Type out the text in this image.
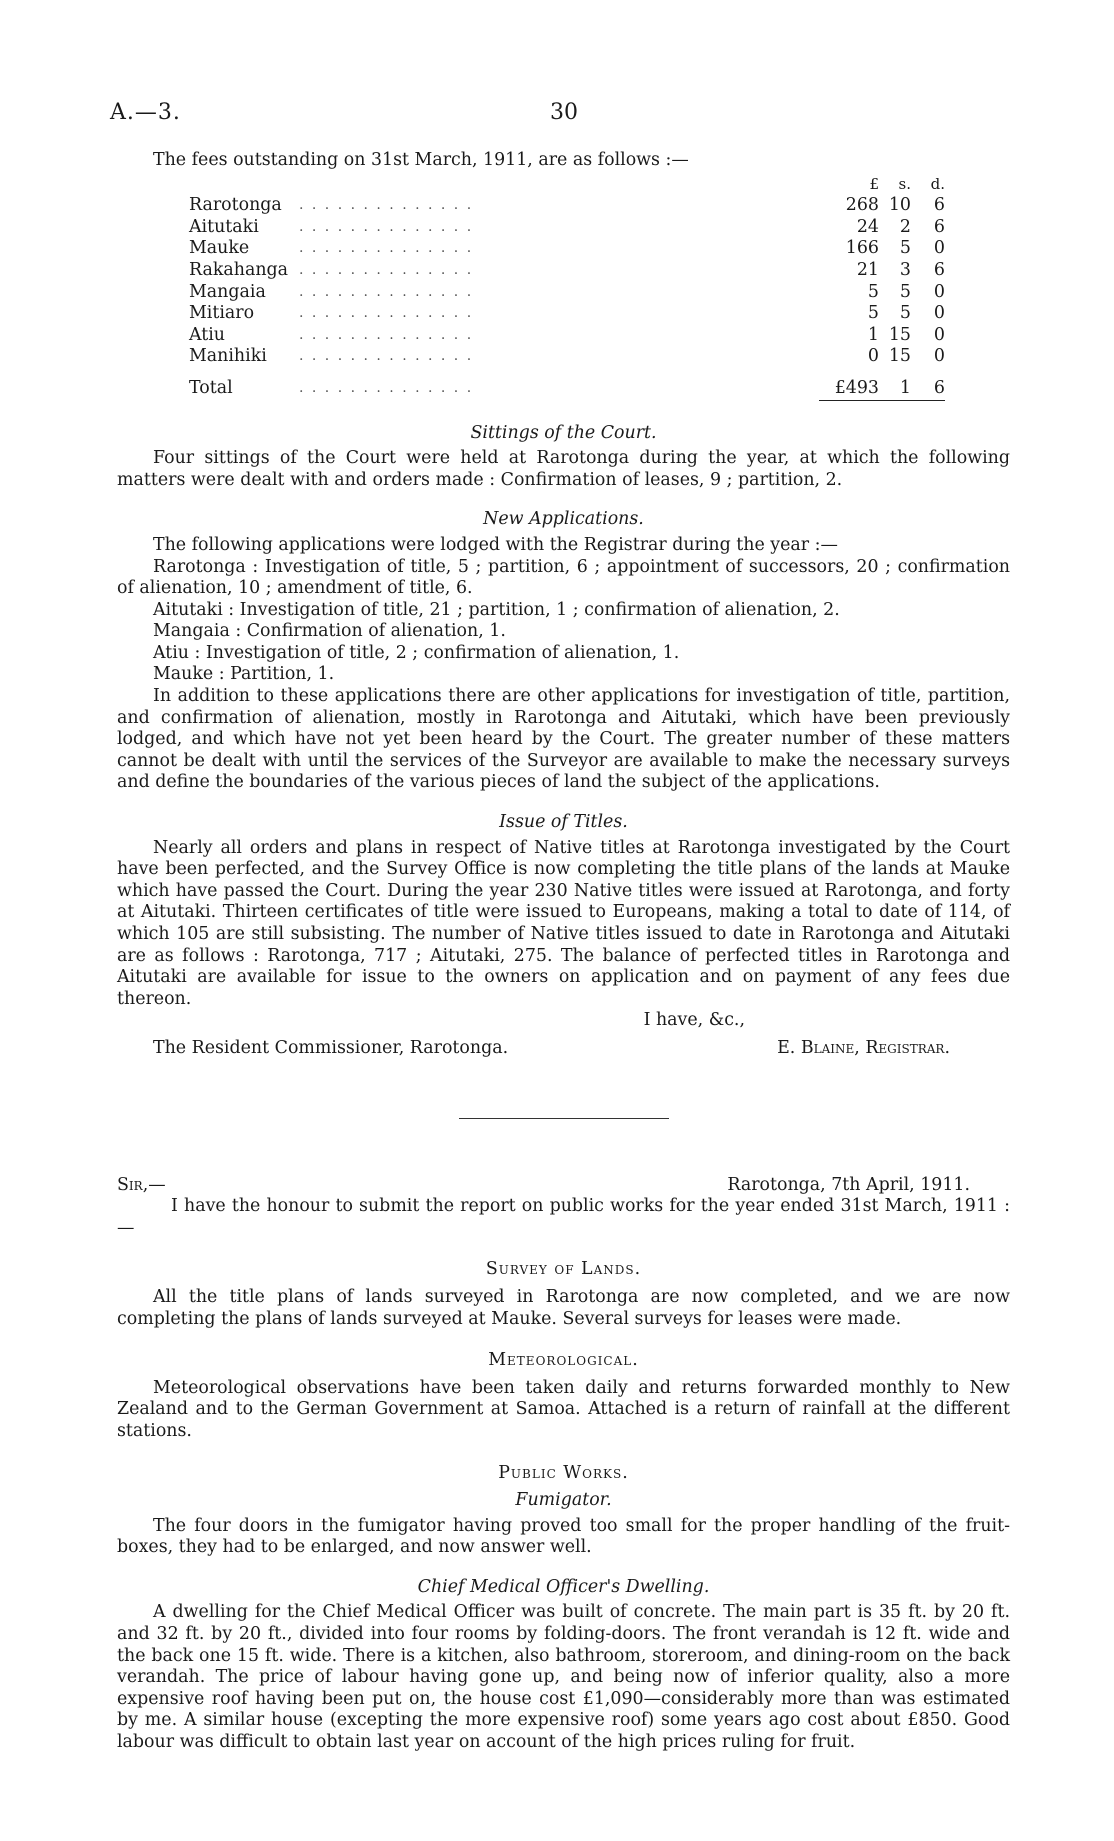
A.—3.	30

The fees outstanding on 31st March, 1911, are as follows :—

		£	s.	d.
Rarotonga	. . . . . . . . . . . . . .	268	10	6
Aitutaki	. . . . . . . . . . . . . .	24	2	6
Mauke	. . . . . . . . . . . . . .	166	5	0
Rakahanga	. . . . . . . . . . . . . .	21	3	6
Mangaia	. . . . . . . . . . . . . .	5	5	0
Mitiaro	. . . . . . . . . . . . . .	5	5	0
Atiu	. . . . . . . . . . . . . .	1	15	0
Manihiki	. . . . . . . . . . . . . .	0	15	0

Total	. . . . . . . . . . . . . .	£493	1	6

Sittings of the Court.

Four sittings of the Court were held at Rarotonga during the year, at which the following matters were dealt with and orders made : Confirmation of leases, 9 ; partition, 2.

New Applications.

The following applications were lodged with the Registrar during the year :—

Rarotonga : Investigation of title, 5 ; partition, 6 ; appointment of successors, 20 ; confirmation of alienation, 10 ; amendment of title, 6.

Aitutaki : Investigation of title, 21 ; partition, 1 ; confirmation of alienation, 2.

Mangaia : Confirmation of alienation, 1.

Atiu : Investigation of title, 2 ; confirmation of alienation, 1.

Mauke : Partition, 1.

In addition to these applications there are other applications for investigation of title, partition, and confirmation of alienation, mostly in Rarotonga and Aitutaki, which have been previously lodged, and which have not yet been heard by the Court. The greater number of these matters cannot be dealt with until the services of the Surveyor are available to make the necessary surveys and define the boundaries of the various pieces of land the subject of the applications.

Issue of Titles.

Nearly all orders and plans in respect of Native titles at Rarotonga investigated by the Court have been perfected, and the Survey Office is now completing the title plans of the lands at Mauke which have passed the Court. During the year 230 Native titles were issued at Rarotonga, and forty at Aitutaki. Thirteen certificates of title were issued to Europeans, making a total to date of 114, of which 105 are still subsisting. The number of Native titles issued to date in Rarotonga and Aitutaki are as follows : Rarotonga, 717 ; Aitutaki, 275. The balance of perfected titles in Rarotonga and Aitutaki are available for issue to the owners on application and on payment of any fees due thereon.

I have, &c.,

The Resident Commissioner, Rarotonga.	E. Blaine, Registrar.
Sir,—	Rarotonga, 7th April, 1911.

I have the honour to submit the report on public works for the year ended 31st March, 1911 :—

Survey of Lands.

All the title plans of lands surveyed in Rarotonga are now completed, and we are now completing the plans of lands surveyed at Mauke. Several surveys for leases were made.

Meteorological.

Meteorological observations have been taken daily and returns forwarded monthly to New Zealand and to the German Government at Samoa. Attached is a return of rainfall at the different stations.

Public Works.

Fumigator.

The four doors in the fumigator having proved too small for the proper handling of the fruit-boxes, they had to be enlarged, and now answer well.

Chief Medical Officer's Dwelling.

A dwelling for the Chief Medical Officer was built of concrete. The main part is 35 ft. by 20 ft. and 32 ft. by 20 ft., divided into four rooms by folding-doors. The front verandah is 12 ft. wide and the back one 15 ft. wide. There is a kitchen, also bathroom, storeroom, and dining-room on the back verandah. The price of labour having gone up, and being now of inferior quality, also a more expensive roof having been put on, the house cost £1,090—considerably more than was estimated by me. A similar house (excepting the more expensive roof) some years ago cost about £850. Good labour was difficult to obtain last year on account of the high prices ruling for fruit.
